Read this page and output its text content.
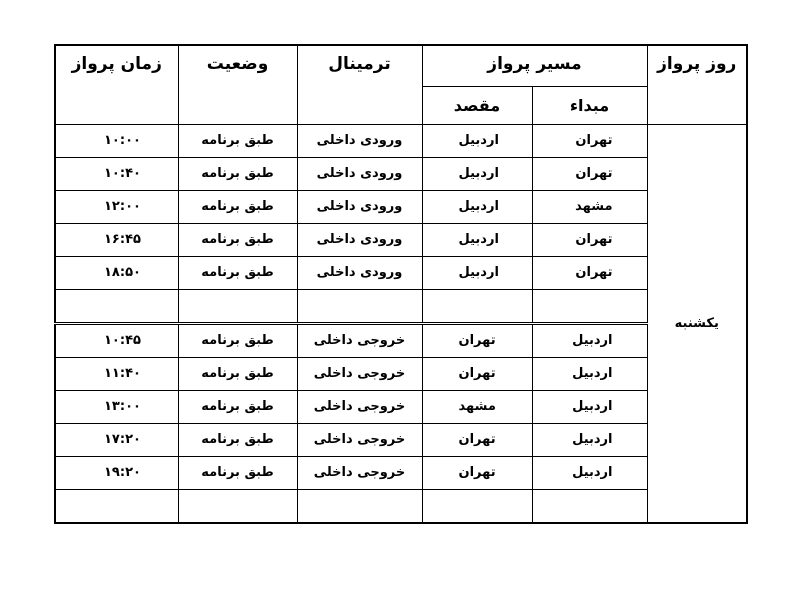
روز پرواز	مسیر پرواز		ترمینال	وضعیت	زمان پرواز
	مبداء	مقصد			
یکشنبه	تهران	اردبیل	ورودی داخلی	طبق برنامه	۱۰:۰۰
	تهران	اردبیل	ورودی داخلی	طبق برنامه	۱۰:۴۰
	مشهد	اردبیل	ورودی داخلی	طبق برنامه	۱۲:۰۰
	تهران	اردبیل	ورودی داخلی	طبق برنامه	۱۶:۴۵
	تهران	اردبیل	ورودی داخلی	طبق برنامه	۱۸:۵۰

	اردبیل	تهران	خروجی داخلی	طبق برنامه	۱۰:۴۵
	اردبیل	تهران	خروجی داخلی	طبق برنامه	۱۱:۴۰
	اردبیل	مشهد	خروجی داخلی	طبق برنامه	۱۳:۰۰
	اردبیل	تهران	خروجی داخلی	طبق برنامه	۱۷:۲۰
	اردبیل	تهران	خروجی داخلی	طبق برنامه	۱۹:۲۰
